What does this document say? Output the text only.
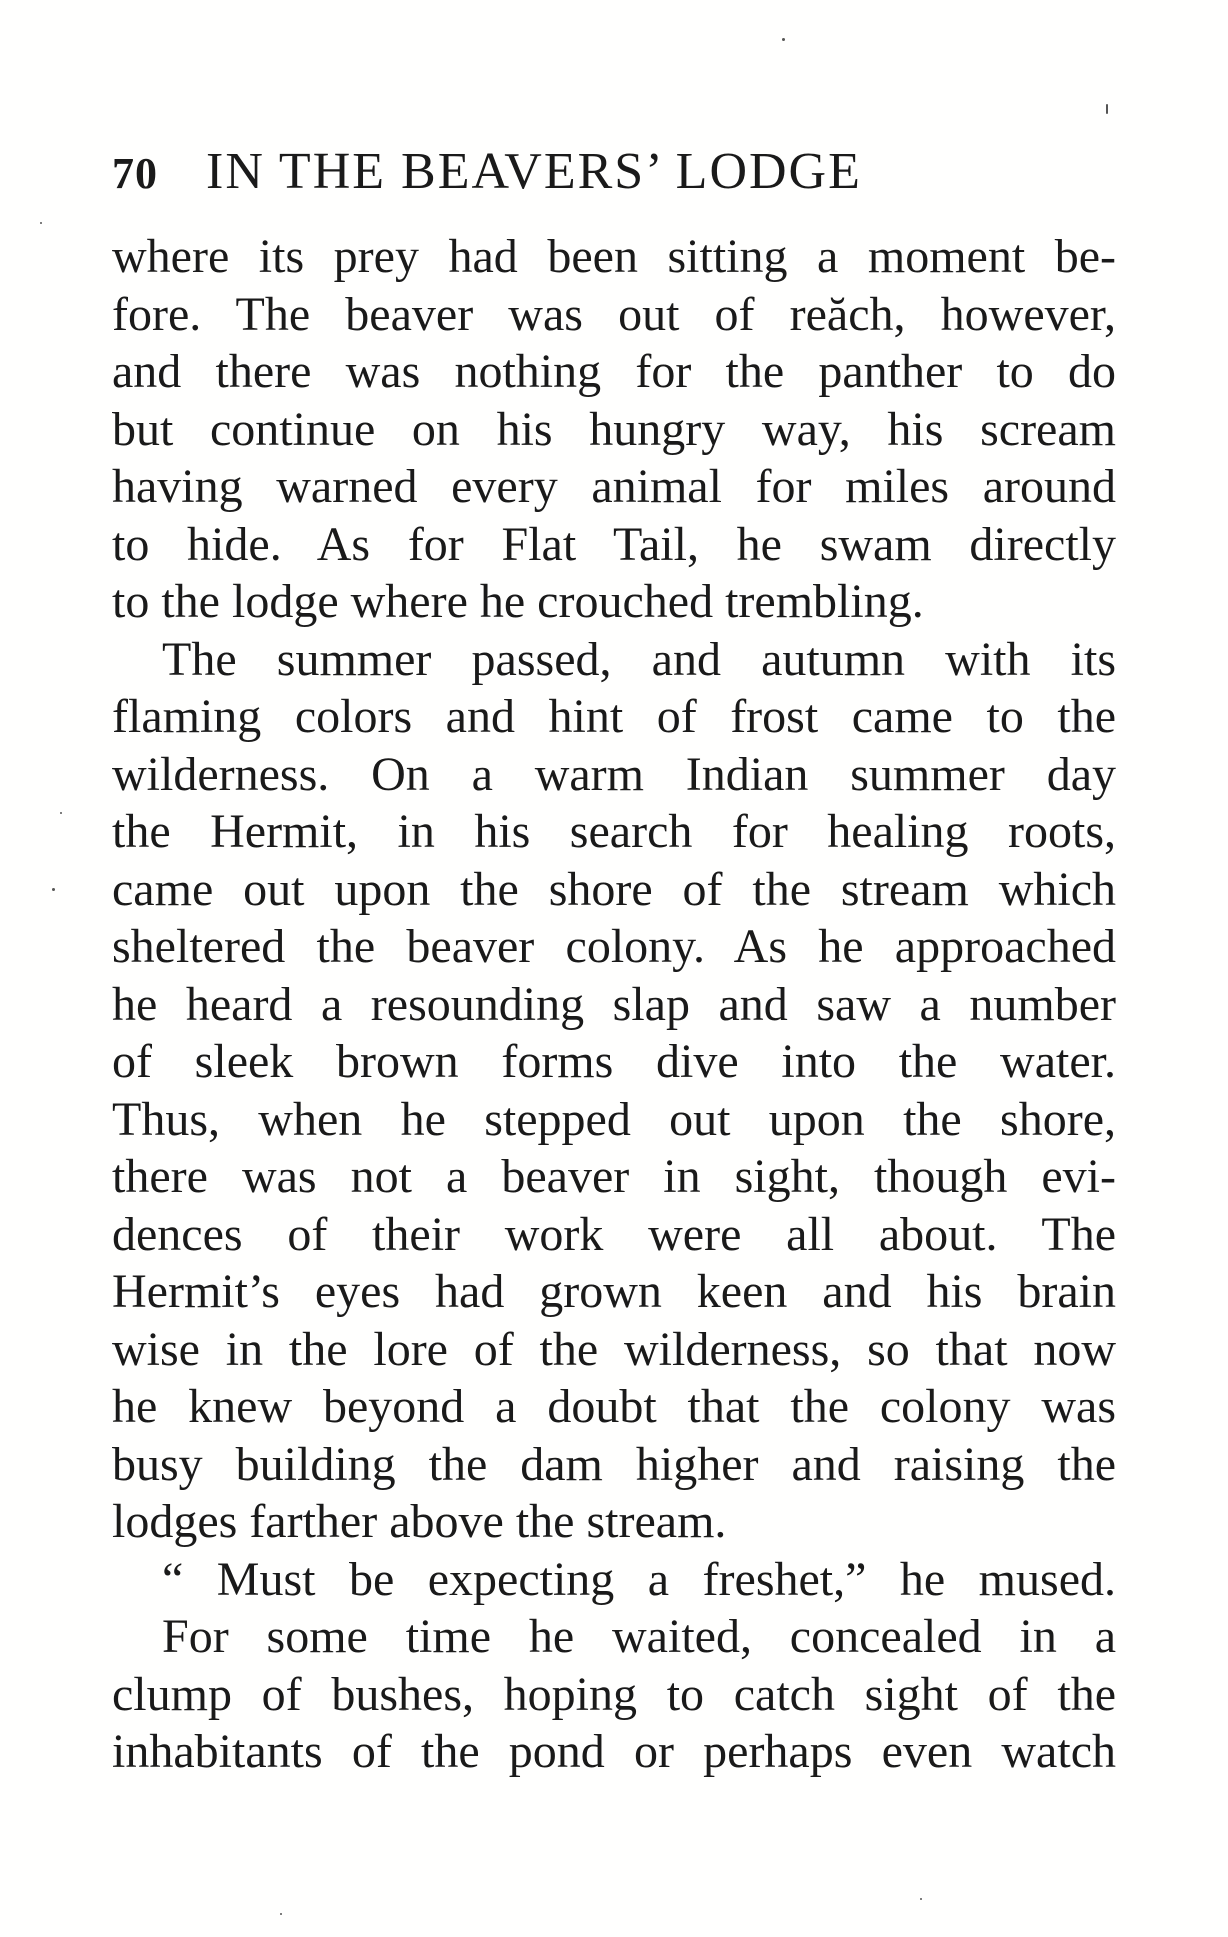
70 IN THE BEAVERS’ LODGE
where its prey had been sitting a moment be-
fore. The beaver was out of reăch, however,
and there was nothing for the panther to do
but continue on his hungry way, his scream
having warned every animal for miles around
to hide. As for Flat Tail, he swam directly
to the lodge where he crouched trembling.
The summer passed, and autumn with its
flaming colors and hint of frost came to the
wilderness. On a warm Indian summer day
the Hermit, in his search for healing roots,
came out upon the shore of the stream which
sheltered the beaver colony. As he approached
he heard a resounding slap and saw a number
of sleek brown forms dive into the water.
Thus, when he stepped out upon the shore,
there was not a beaver in sight, though evi-
dences of their work were all about. The
Hermit’s eyes had grown keen and his brain
wise in the lore of the wilderness, so that now
he knew beyond a doubt that the colony was
busy building the dam higher and raising the
lodges farther above the stream.
“ Must be expecting a freshet,” he mused.
For some time he waited, concealed in a
clump of bushes, hoping to catch sight of the
inhabitants of the pond or perhaps even watch
